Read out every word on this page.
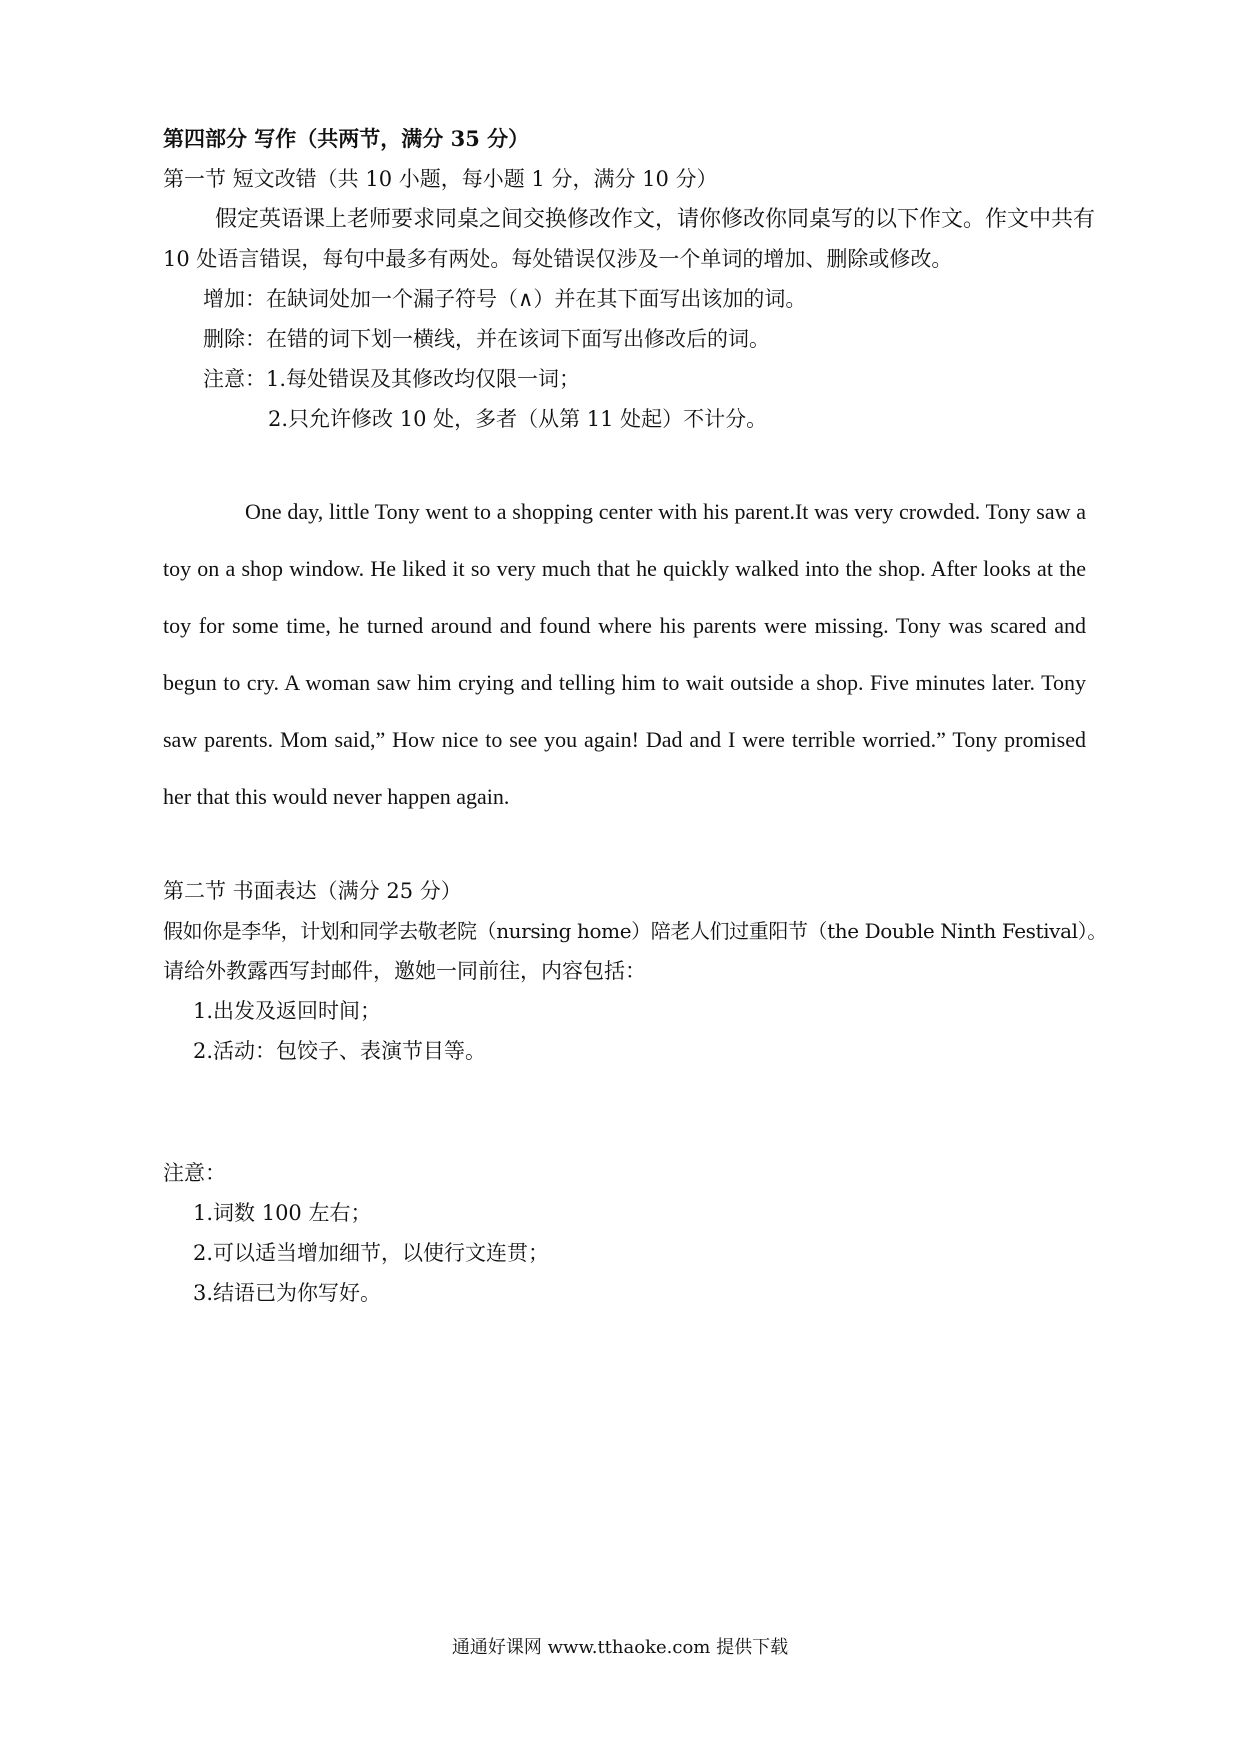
第四部分 写作（共两节，满分 35 分）
第一节 短文改错（共 10 小题，每小题 1 分，满分 10 分）
假定英语课上老师要求同桌之间交换修改作文，请你修改你同桌写的以下作文。作文中共有
10 处语言错误，每句中最多有两处。每处错误仅涉及一个单词的增加、删除或修改。
增加：在缺词处加一个漏子符号（∧）并在其下面写出该加的词。
删除：在错的词下划一横线，并在该词下面写出修改后的词。
注意：1.每处错误及其修改均仅限一词；
2.只允许修改 10 处，多者（从第 11 处起）不计分。
One day, little Tony went to a shopping center with his parent.It was very crowded. Tony saw a
toy on a shop window. He liked it so very much that he quickly walked into the shop. After looks at the
toy for some time, he turned around and found where his parents were missing. Tony was scared and
begun to cry. A woman saw him crying and telling him to wait outside a shop. Five minutes later. Tony
saw parents. Mom said,” How nice to see you again! Dad and I were terrible worried.” Tony promised
her that this would never happen again.
第二节 书面表达（满分 25 分）
假如你是李华，计划和同学去敬老院（nursing home）陪老人们过重阳节（the Double Ninth Festival）。
请给外教露西写封邮件，邀她一同前往，内容包括：
1.出发及返回时间；
2.活动：包饺子、表演节目等。
注意：
1.词数 100 左右；
2.可以适当增加细节，以使行文连贯；
3.结语已为你写好。
通通好课网 www.tthaoke.com 提供下载
